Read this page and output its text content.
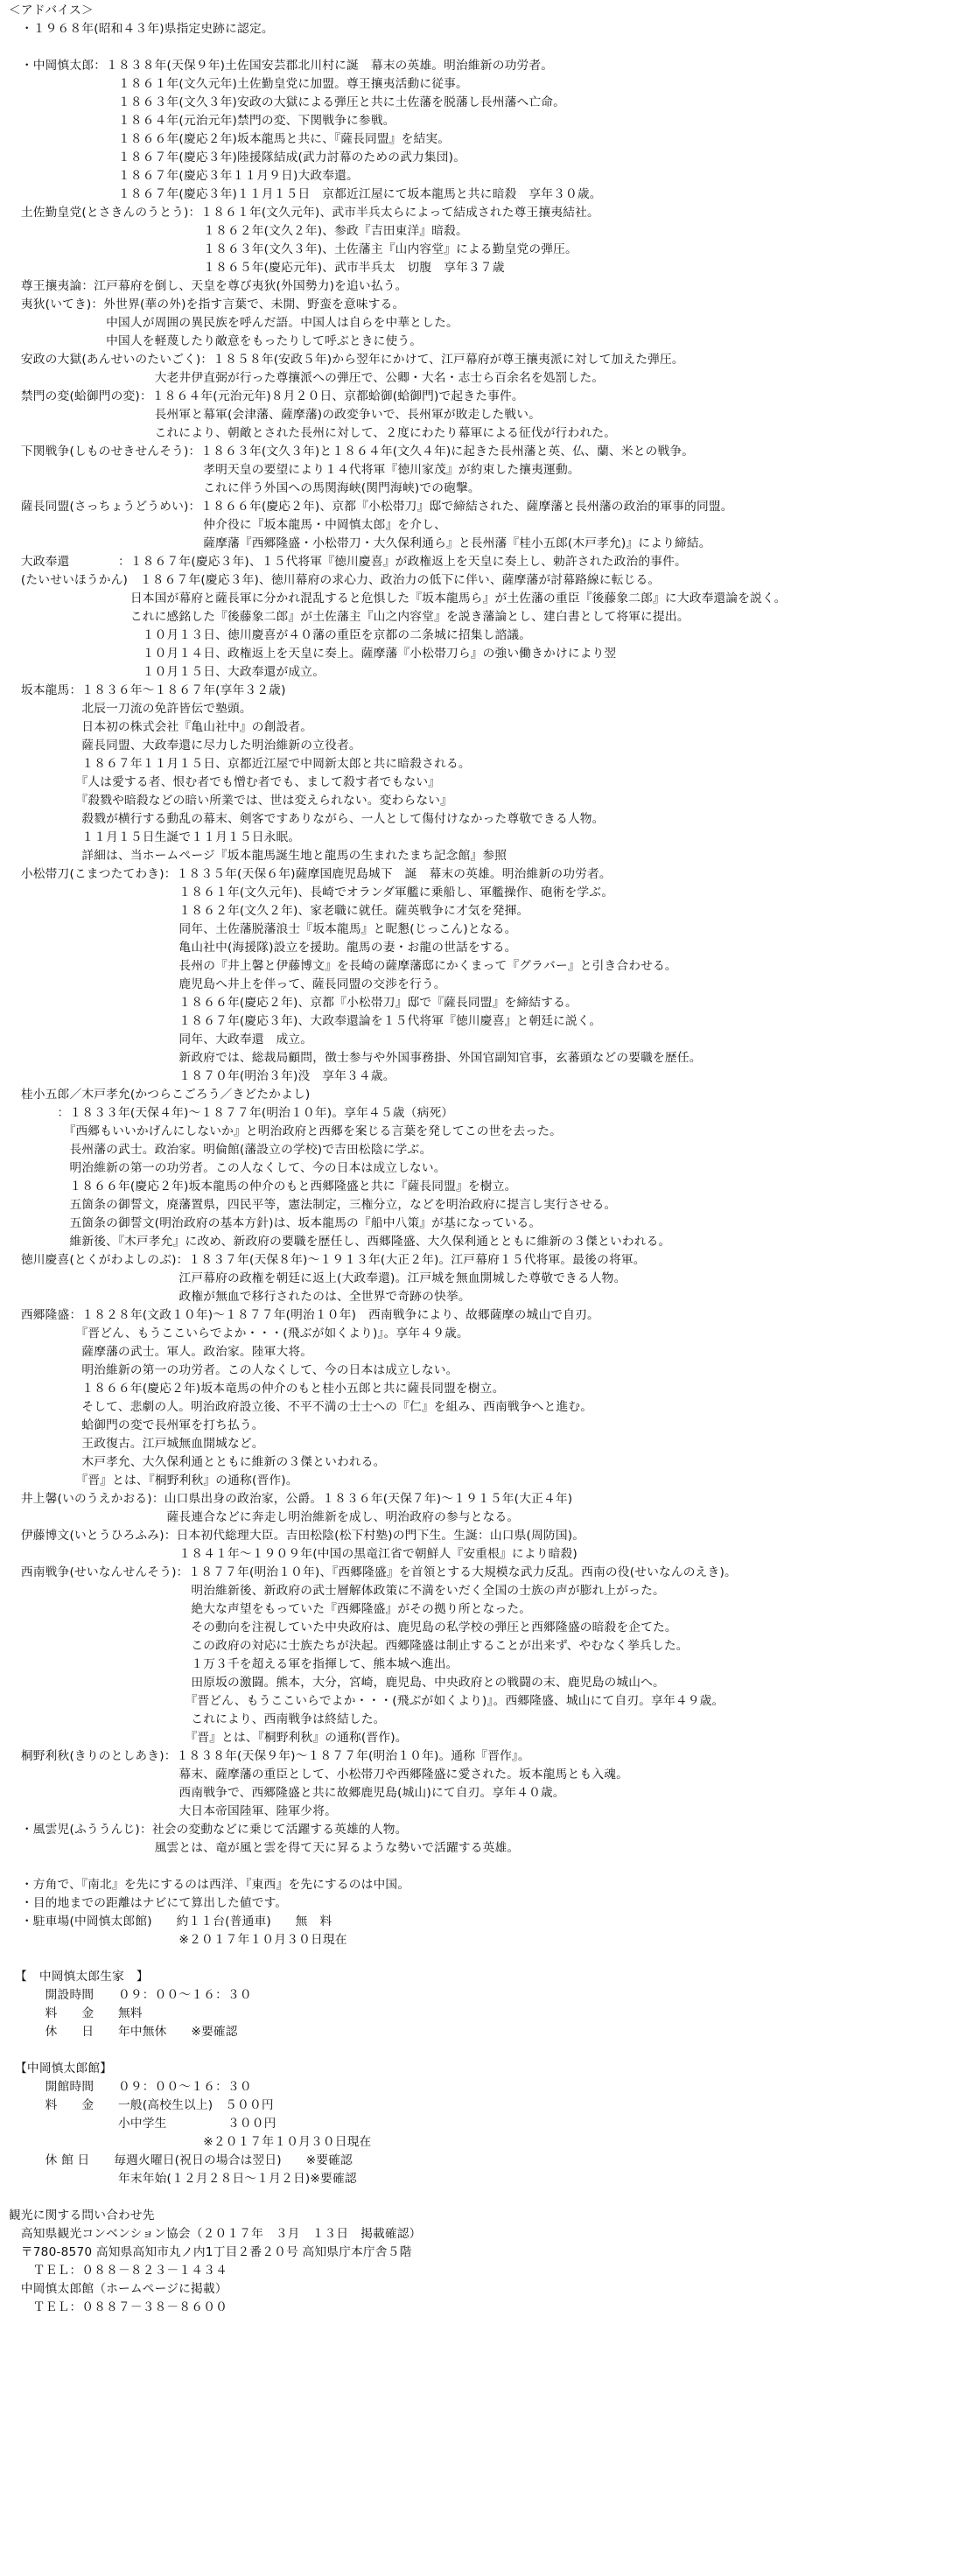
＜アドバイス＞
　・１９６８年(昭和４３年)県指定史跡に認定。
　・中岡慎太郎：１８３８年(天保９年)土佐国安芸郡北川村に誕　幕末の英雄。明治維新の功労者。
　　　　　　　　　１８６１年(文久元年)土佐勤皇党に加盟。尊王攘夷活動に従事。
　　　　　　　　　１８６３年(文久３年)安政の大獄による弾圧と共に土佐藩を脱藩し長州藩へ亡命。
　　　　　　　　　１８６４年(元治元年)禁門の変、下関戦争に参戦。
　　　　　　　　　１８６６年(慶応２年)坂本龍馬と共に、『薩長同盟』を結実。
　　　　　　　　　１８６７年(慶応３年)陸援隊結成(武力討幕のための武力集団)。
　　　　　　　　　１８６７年(慶応３年１１月９日)大政奉還。
　　　　　　　　　１８６７年(慶応３年)１１月１５日　京都近江屋にて坂本龍馬と共に暗殺　享年３０歳。
　土佐勤皇党(とさきんのうとう)：１８６１年(文久元年)、武市半兵太らによって結成された尊王攘夷結社。
　　　　　　　　　　　　　　　　１８６２年(文久２年)、参政『吉田東洋』暗殺。
　　　　　　　　　　　　　　　　１８６３年(文久３年)、土佐藩主『山内容堂』による勤皇党の弾圧。
　　　　　　　　　　　　　　　　１８６５年(慶応元年)、武市半兵太　切腹　享年３７歳
　尊王攘夷論：江戸幕府を倒し、天皇を尊び夷狄(外国勢力)を追い払う。
　夷狄(いてき)：外世界(華の外)を指す言葉で、未開、野蛮を意味する。
　　　　　　　　中国人が周囲の異民族を呼んだ語。中国人は自らを中華とした。
　　　　　　　　中国人を軽蔑したり敵意をもったりして呼ぶときに使う。
　安政の大獄(あんせいのたいごく)：１８５８年(安政５年)から翌年にかけて、江戸幕府が尊王攘夷派に対して加えた弾圧。
　　　　　　　　　　　　大老井伊直弼が行った尊攘派への弾圧で、公卿・大名・志士ら百余名を処罰した。
　禁門の変(蛤御門の変)：１８６４年(元治元年)８月２０日、京都蛤御(蛤御門)で起きた事件。
　　　　　　　　　　　　長州軍と幕軍(会津藩、薩摩藩)の政変争いで、長州軍が敗走した戦い。
　　　　　　　　　　　　これにより、朝敵とされた長州に対して、２度にわたり幕軍による征伐が行われた。
　下関戦争(しものせきせんそう)：１８６３年(文久３年)と１８６４年(文久４年)に起きた長州藩と英、仏、蘭、米との戦争。
　　　　　　　　　　　　　　　　孝明天皇の要望により１４代将軍『徳川家茂』が約束した攘夷運動。
　　　　　　　　　　　　　　　　これに伴う外国への馬関海峡(関門海峡)での砲撃。
　薩長同盟(さっちょうどうめい)：１８６６年(慶応２年)、京都『小松帯刀』邸で締結された、薩摩藩と長州藩の政治的軍事的同盟。
　　　　　　　　　　　　　　　　仲介役に『坂本龍馬・中岡慎太郎』を介し、
　　　　　　　　　　　　　　　　薩摩藩『西郷隆盛・小松帯刀・大久保利通ら』と長州藩『桂小五郎(木戸孝允)』により締結。
　大政奉還　　　　：１８６７年(慶応３年)、１５代将軍『徳川慶喜』が政権返上を天皇に奏上し、勅許された政治的事件。
　(たいせいほうかん)　１８６７年(慶応３年)、徳川幕府の求心力、政治力の低下に伴い、薩摩藩が討幕路線に転じる。
　　　　　　　　　　日本国が幕府と薩長軍に分かれ混乱すると危惧した『坂本龍馬ら』が土佐藩の重臣『後藤象二郎』に大政奉還論を説く。
　　　　　　　　　　これに感銘した『後藤象二郎』が土佐藩主『山之内容堂』を説き藩論とし、建白書として将軍に提出。
　　　　　　　　　　　１０月１３日、徳川慶喜が４０藩の重臣を京都の二条城に招集し諮議。
　　　　　　　　　　　１０月１４日、政権返上を天皇に奏上。薩摩藩『小松帯刀ら』の強い働きかけにより翌
　　　　　　　　　　　１０月１５日、大政奉還が成立。
　坂本龍馬：１８３６年～１８６７年(享年３２歳)
　　　　　　北辰一刀流の免許皆伝で塾頭。
　　　　　　日本初の株式会社『亀山社中』の創設者。
　　　　　　薩長同盟、大政奉還に尽力した明治維新の立役者。
　　　　　　１８６７年１１月１５日、京都近江屋で中岡新太郎と共に暗殺される。
　　　　　　『人は愛する者、恨む者でも憎む者でも、まして殺す者でもない』
　　　　　　『殺戮や暗殺などの暗い所業では、世は変えられない。変わらない』
　　　　　　殺戮が横行する動乱の幕末、剣客ですありながら、一人として傷付けなかった尊敬できる人物。
　　　　　　１１月１５日生誕で１１月１５日永眠。
　　　　　　詳細は、当ホームページ『坂本龍馬誕生地と龍馬の生まれたまち記念館』参照
　小松帯刀(こまつたてわき)：１８３５年(天保６年)薩摩国鹿児島城下　誕　幕末の英雄。明治維新の功労者。
　　　　　　　　　　　　　　１８６１年(文久元年)、長崎でオランダ軍艦に乗船し、軍艦操作、砲術を学ぶ。
　　　　　　　　　　　　　　１８６２年(文久２年)、家老職に就任。薩英戦争に才気を発揮。
　　　　　　　　　　　　　　同年、土佐藩脱藩浪士『坂本龍馬』と昵懇(じっこん)となる。
　　　　　　　　　　　　　　亀山社中(海援隊)設立を援助。龍馬の妻・お龍の世話をする。
　　　　　　　　　　　　　　長州の『井上馨と伊藤博文』を長崎の薩摩藩邸にかくまって『グラバー』と引き合わせる。
　　　　　　　　　　　　　　鹿児島へ井上を伴って、薩長同盟の交渉を行う。
　　　　　　　　　　　　　　１８６６年(慶応２年)、京都『小松帯刀』邸で『薩長同盟』を締結する。
　　　　　　　　　　　　　　１８６７年(慶応３年)、大政奉還論を１５代将軍『徳川慶喜』と朝廷に説く。
　　　　　　　　　　　　　　同年、大政奉還　成立。
　　　　　　　　　　　　　　新政府では、総裁局顧問，徴士参与や外国事務掛、外国官副知官事，玄蕃頭などの要職を歴任。
　　　　　　　　　　　　　　１８７０年(明治３年)没　享年３４歳。
　桂小五郎／木戸孝允(かつらこごろう／きどたかよし)
　　　　：１８３３年(天保４年)～１８７７年(明治１０年)。享年４５歳（病死）
　　　　　『西郷もいいかげんにしないか』と明治政府と西郷を案じる言葉を発してこの世を去った。
　　　　　長州藩の武士。政治家。明倫館(藩設立の学校)で吉田松陰に学ぶ。
　　　　　明治維新の第一の功労者。この人なくして、今の日本は成立しない。
　　　　　１８６６年(慶応２年)坂本龍馬の仲介のもと西郷隆盛と共に『薩長同盟』を樹立。
　　　　　五箇条の御誓文，廃藩置県，四民平等，憲法制定，三権分立，などを明治政府に提言し実行させる。
　　　　　五箇条の御誓文(明治政府の基本方針)は、坂本龍馬の『船中八策』が基になっている。
　　　　　維新後、『木戸孝允』に改め、新政府の要職を歴任し、西郷隆盛、大久保利通とともに維新の３傑といわれる。
　徳川慶喜(とくがわよしのぶ)：１８３７年(天保８年)～１９１３年(大正２年)。江戸幕府１５代将軍。最後の将軍。
　　　　　　　　　　　　　　江戸幕府の政権を朝廷に返上(大政奉還)。江戸城を無血開城した尊敬できる人物。
　　　　　　　　　　　　　　政権が無血で移行されたのは、全世界で奇跡の快挙。
　西郷隆盛：１８２８年(文政１０年)～１８７７年(明治１０年)　西南戦争により、故郷薩摩の城山で自刃。
　　　　　　『晋どん、もうここいらでよか・・・(飛ぶが如くより)』。享年４９歳。
　　　　　　薩摩藩の武士。軍人。政治家。陸軍大将。
　　　　　　明治維新の第一の功労者。この人なくして、今の日本は成立しない。
　　　　　　１８６６年(慶応２年)坂本竜馬の仲介のもと桂小五郎と共に薩長同盟を樹立。
　　　　　　そして、悲劇の人。明治政府設立後、不平不満の士士への『仁』を組み、西南戦争へと進む。
　　　　　　蛤御門の変で長州軍を打ち払う。
　　　　　　王政復古。江戸城無血開城など。
　　　　　　木戸孝允、大久保利通とともに維新の３傑といわれる。
　　　　　　『晋』とは、『桐野利秋』の通称(晋作)。
　井上馨(いのうえかおる)：山口県出身の政治家，公爵。１８３６年(天保７年)～１９１５年(大正４年)
　　　　　　　　　　　　　薩長連合などに奔走し明治維新を成し、明治政府の参与となる。
　伊藤博文(いとうひろふみ)：日本初代総理大臣。吉田松陰(松下村塾)の門下生。生誕：山口県(周防国)。
　　　　　　　　　　　　　　１８４１年～１９０９年(中国の黒竜江省で朝鮮人『安重根』により暗殺)
　西南戦争(せいなんせんそう)：１８７７年(明治１０年)、『西郷隆盛』を首領とする大規模な武力反乱。西南の役(せいなんのえき)。
　　　　　　　　　　　　　　　明治維新後、新政府の武士層解体政策に不満をいだく全国の士族の声が膨れ上がった。
　　　　　　　　　　　　　　　絶大な声望をもっていた『西郷隆盛』がその拠り所となった。
　　　　　　　　　　　　　　　その動向を注視していた中央政府は、鹿児島の私学校の弾圧と西郷隆盛の暗殺を企てた。
　　　　　　　　　　　　　　　この政府の対応に士族たちが決起。西郷隆盛は制止することが出来ず、やむなく挙兵した。
　　　　　　　　　　　　　　　１万３千を超える軍を指揮して、熊本城へ進出。
　　　　　　　　　　　　　　　田原坂の激闘。熊本，大分，宮崎，鹿児島、中央政府との戦闘の末、鹿児島の城山へ。
　　　　　　　　　　　　　　　『晋どん、もうここいらでよか・・・(飛ぶが如くより)』。西郷隆盛、城山にて自刃。享年４９歳。
　　　　　　　　　　　　　　　これにより、西南戦争は終結した。
　　　　　　　　　　　　　　　『晋』とは、『桐野利秋』の通称(晋作)。
　桐野利秋(きりのとしあき)：１８３８年(天保９年)～１８７７年(明治１０年)。通称『晋作』。
　　　　　　　　　　　　　　幕末、薩摩藩の重臣として、小松帯刀や西郷隆盛に愛された。坂本龍馬とも入魂。
　　　　　　　　　　　　　　西南戦争で、西郷隆盛と共に故郷鹿児島(城山)にて自刃。享年４０歳。
　　　　　　　　　　　　　　大日本帝国陸軍、陸軍少将。
　・風雲児(ふううんじ)：社会の変動などに乗じて活躍する英雄的人物。
　　　　　　　　　　　　風雲とは、竜が風と雲を得て天に昇るような勢いで活躍する英雄。
　・方角で、『南北』を先にするのは西洋、『東西』を先にするのは中国。
　・目的地までの距離はナビにて算出した値です。
　・駐車場(中岡慎太郎館)　　約１１台(普通車)　　無　料
　　　　　　　　　　　　　　※２０１７年１０月３０日現在
　【　中岡慎太郎生家　】
　　　開設時間　　０９：００～１６：３０
　　　料　　金　　無料
　　　休　　日　　年中無休　　※要確認
　【中岡慎太郎館】
　　　開館時間　　０９：００～１６：３０
　　　料　　金　　一般(高校生以上)　５００円
　　　　　　　　　小中学生　　　　　３００円
　　　　　　　　　　　　　　　　※２０１７年１０月３０日現在
　　　休 館 日　　毎週火曜日(祝日の場合は翌日)　　※要確認
　　　　　　　　　年末年始(１２月２８日～１月２日)※要確認
観光に関する問い合わせ先
　高知県観光コンベンション協会（２０１７年　３月　１３日　掲載確認）
　〒780-8570 高知県高知市丸ノ内1丁目２番２０号 高知県庁本庁舎５階
　　ＴＥＬ：０８８－８２３－１４３４
　中岡慎太郎館（ホームページに掲載）
　　ＴＥＬ：０８８７－３８－８６００
